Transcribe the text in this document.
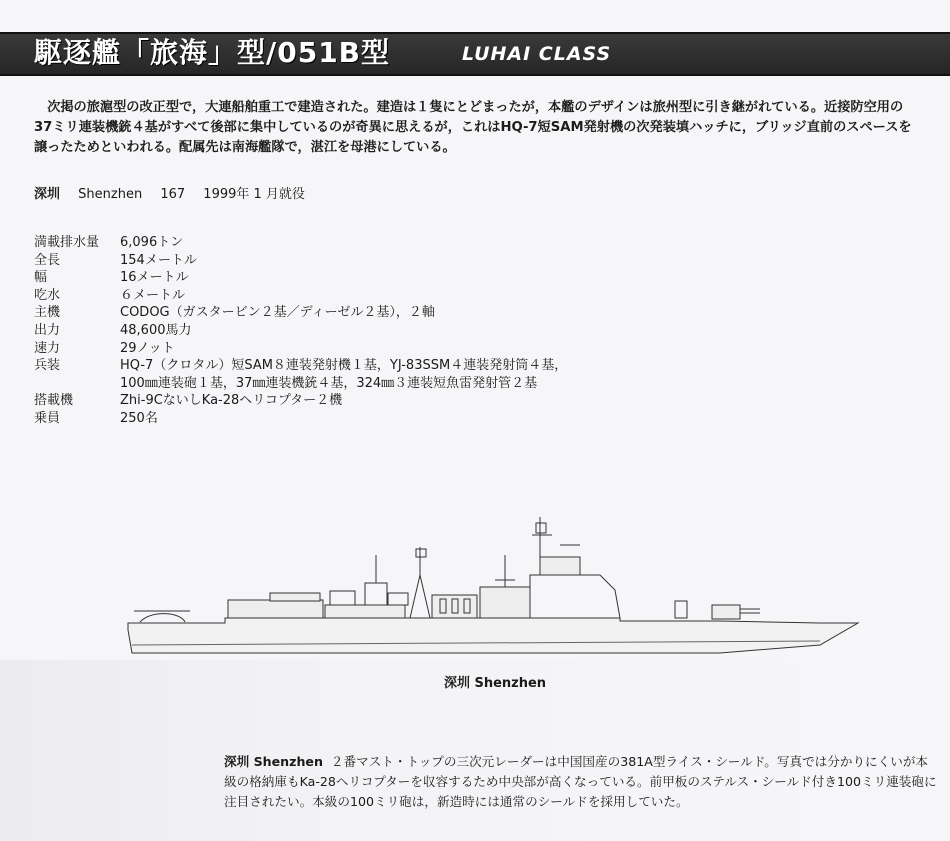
駆逐艦「旅海」型/051B型	LUHAI CLASS

次掲の旅滬型の改正型で，大連船舶重工で建造された。建造は１隻にとどまったが，本艦のデザインは旅州型に引き継がれている。近接防空用の37ミリ連装機銃４基がすべて後部に集中しているのが奇異に思えるが，これはHQ-7短SAM発射機の次発装填ハッチに，ブリッジ直前のスペースを譲ったためといわれる。配属先は南海艦隊で，湛江を母港にしている。

深圳 Shenzhen 167 1999年 1 月就役
満載排水量	6,096トン
全長	154メートル
幅	16メートル
吃水	６メートル
主機	CODOG（ガスタービン２基／ディーゼル２基），２軸
出力	48,600馬力
速力	29ノット
兵装	HQ-7（クロタル）短SAM８連装発射機１基，YJ-83SSM４連装発射筒４基，
	100㎜連装砲１基，37㎜連装機銃４基，324㎜３連装短魚雷発射管２基
搭載機	Zhi-9CないしKa-28ヘリコプター２機
乗員	250名
深圳 Shenzhen

深圳 Shenzhen ２番マスト・トップの三次元レーダーは中国国産の381A型ライス・シールド。写真では分かりにくいが本級の格納庫もKa-28ヘリコプターを収容するため中央部が高くなっている。前甲板のステルス・シールド付き100ミリ連装砲に注目されたい。本級の100ミリ砲は，新造時には通常のシールドを採用していた。
